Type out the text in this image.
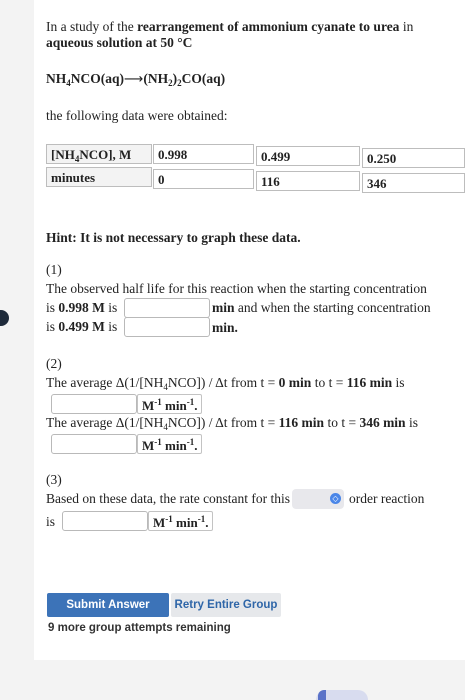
In a study of the rearrangement of ammonium cyanate to urea in
aqueous solution at 50 °C
$NH_4NCO(aq)⟶(NH_2)_2CO(aq)$
the following data were obtained:
$[NH_4NCO]$, M	0.998	0.499	0.250
minutes	0	116	346
Hint: It is not necessary to graph these data.
(1)
The observed half life for this reaction when the starting concentration
is 0.998 M is	min and when the starting concentration
is 0.499 M is	min.
(2)
The average $\Delta(1/[NH_4NCO])$ / Δt from t = 0 min to t = 116 min is
$M^{-1}$ $\min^{-1}$.
The average $\Delta(1/[NH_4NCO])$ / Δt from t = 116 min to t = 346 min is
$M^{-1}$ $\min^{-1}$.
(3)
Based on these data, the rate constant for this	◇ order reaction
is	$M^{-1}$ $\min^{-1}$.
Submit Answer	Retry Entire Group
9 more group attempts remaining
